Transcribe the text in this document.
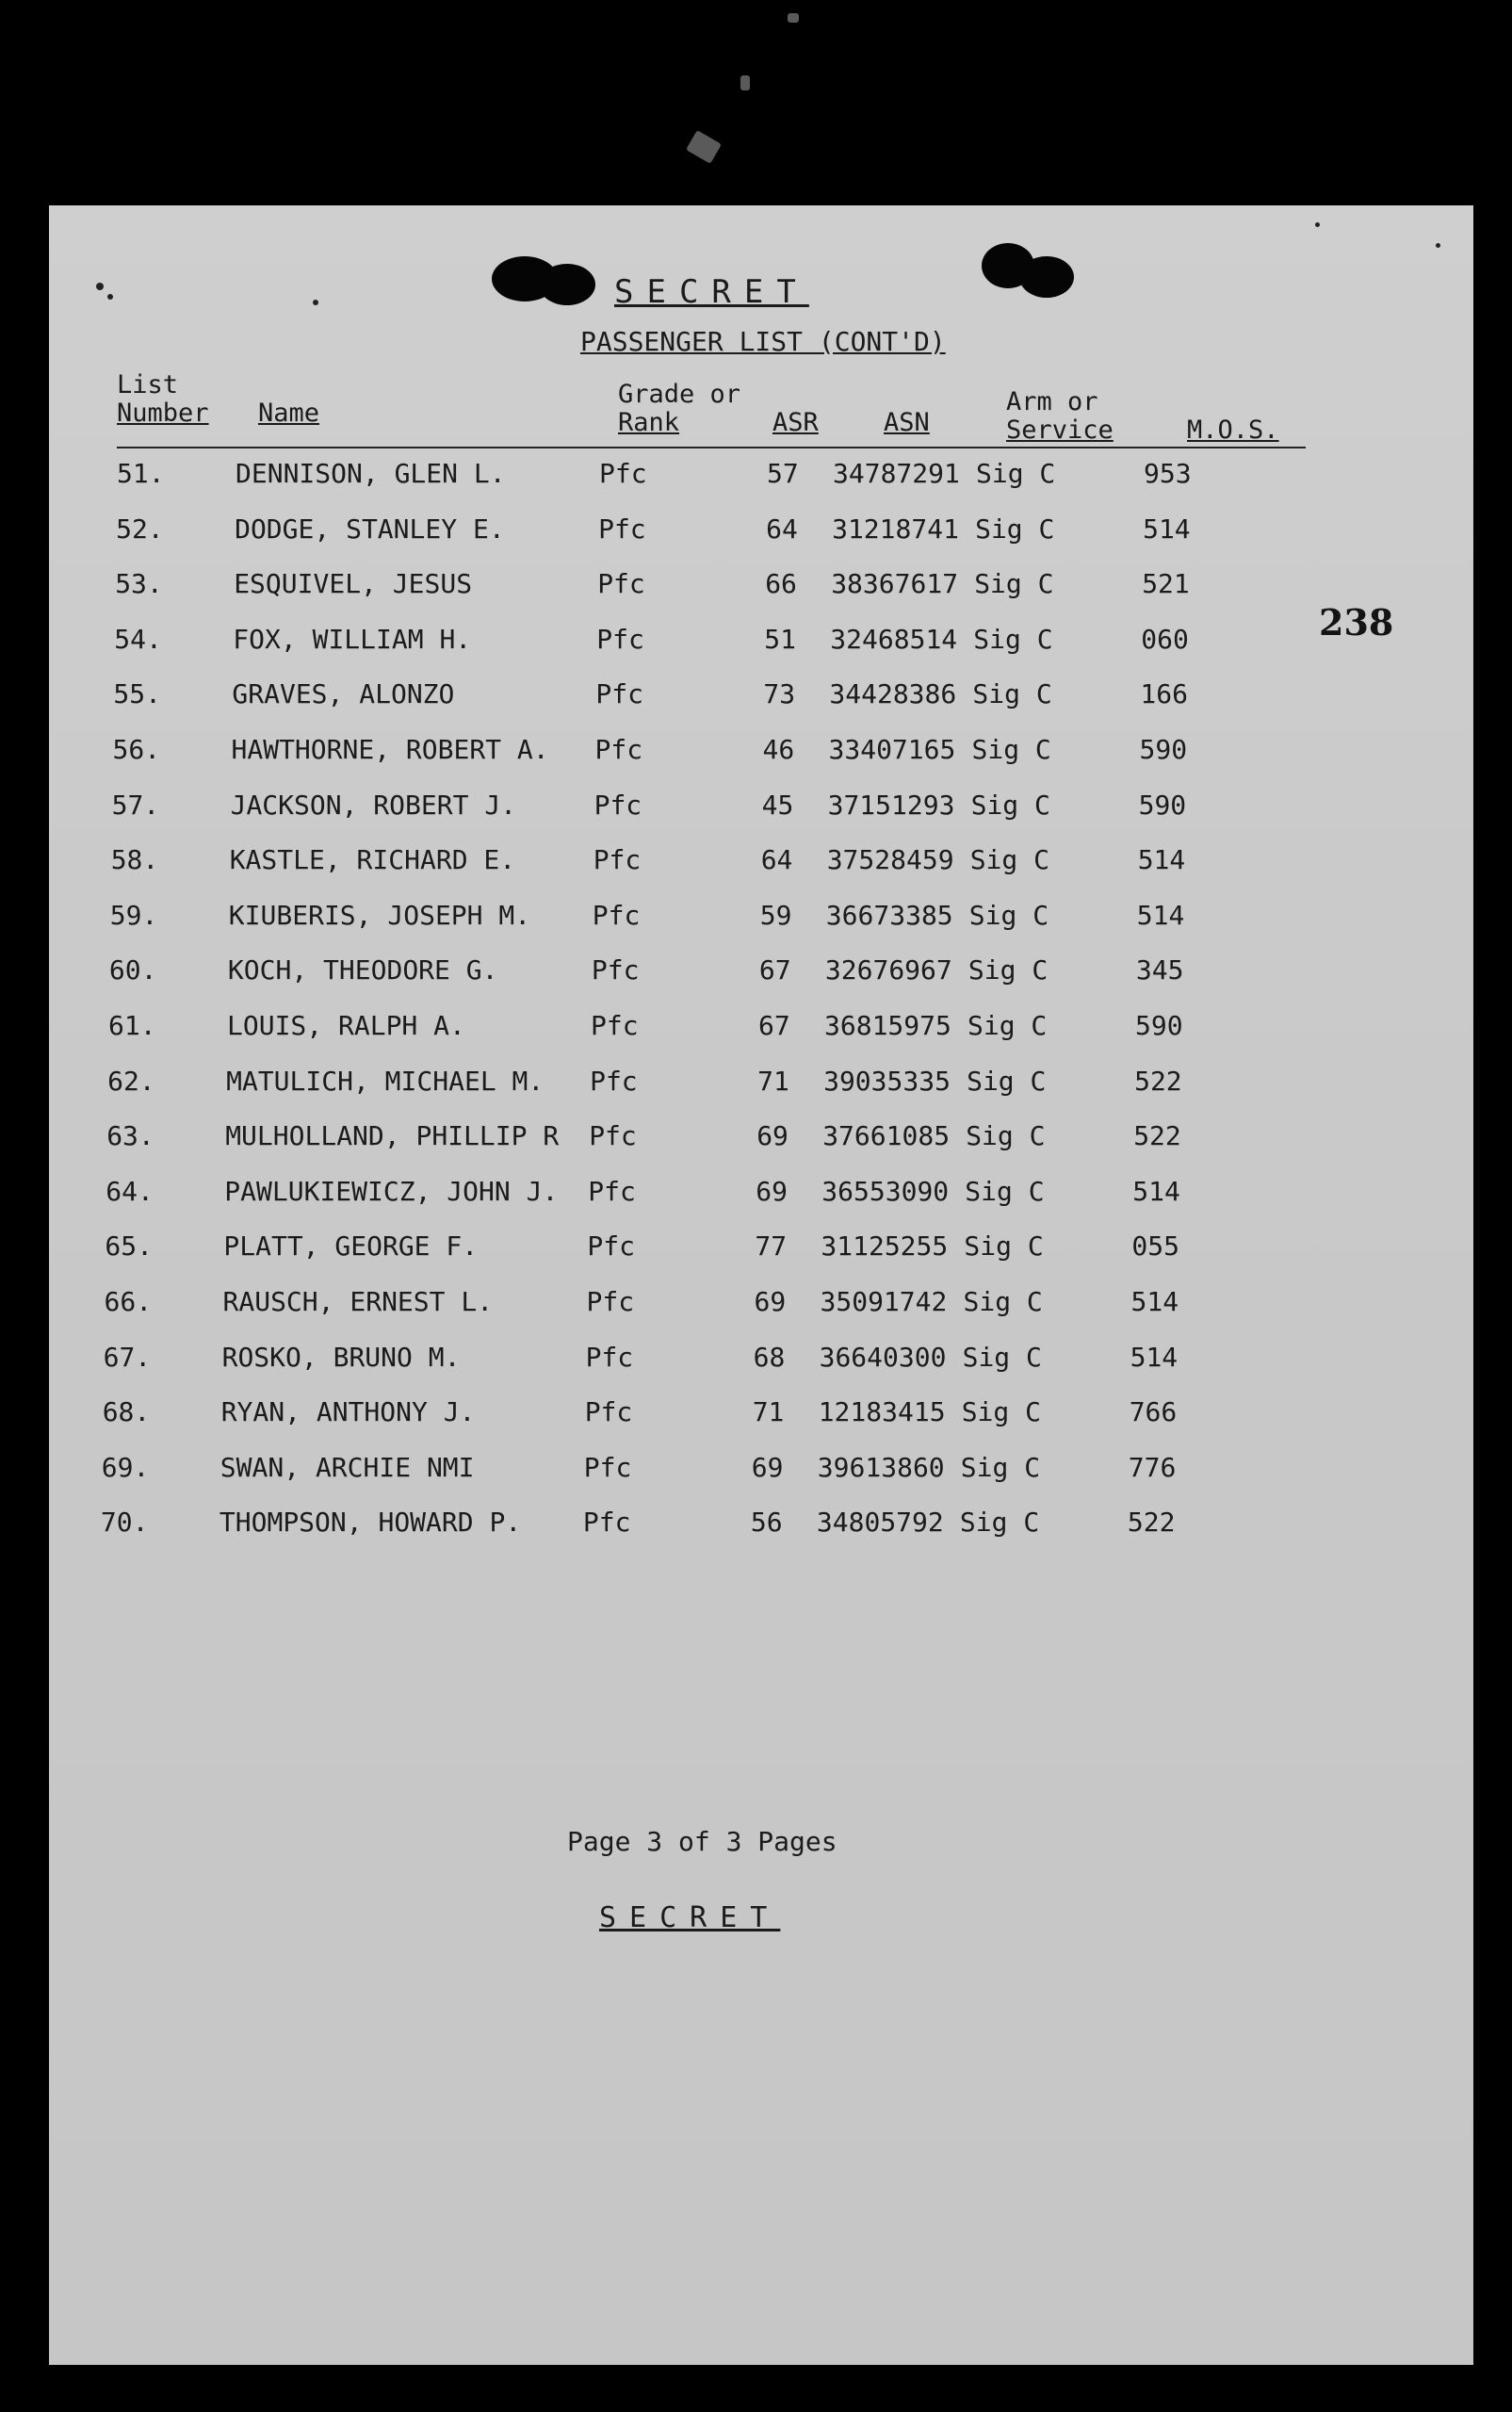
SECRET
PASSENGER LIST (CONT'D)
List
Number Name
Grade or
Rank	ASR	ASN
Arm or
Service	M.O.S.
238
51.	DENNISON, GLEN L.	Pfc	57 34787291 Sig C	953
52.	DODGE, STANLEY E.	Pfc	64 31218741 Sig C	514
53.	ESQUIVEL, JESUS	Pfc	66 38367617 Sig C	521
54.	FOX, WILLIAM H.	Pfc	51 32468514 Sig C	060
55.	GRAVES, ALONZO	Pfc	73 34428386 Sig C	166
56.	HAWTHORNE, ROBERT A. Pfc	46 33407165 Sig C	590
57.	JACKSON, ROBERT J.	Pfc	45 37151293 Sig C	590
58.	KASTLE, RICHARD E.	Pfc	64 37528459 Sig C	514
59.	KIUBERIS, JOSEPH M. Pfc	59 36673385 Sig C	514
60.	KOCH, THEODORE G.	Pfc	67 32676967 Sig C	345
61.	LOUIS, RALPH A.	Pfc	67 36815975 Sig C	590
62.	MATULICH, MICHAEL M. Pfc	71 39035335 Sig C	522
63.	MULHOLLAND, PHILLIP R Pfc	69 37661085 Sig C	522
64.	PAWLUKIEWICZ, JOHN J. Pfc	69 36553090 Sig C	514
65.	PLATT, GEORGE F.	Pfc	77 31125255 Sig C	055
66.	RAUSCH, ERNEST L.	Pfc	69 35091742 Sig C	514
67.	ROSKO, BRUNO M.	Pfc	68 36640300 Sig C	514
68.	RYAN, ANTHONY J.	Pfc	71 12183415 Sig C	766
69.	SWAN, ARCHIE NMI	Pfc	69 39613860 Sig C	776
70.	THOMPSON, HOWARD P. Pfc	56 34805792 Sig C	522
Page 3 of 3 Pages
SECRET
